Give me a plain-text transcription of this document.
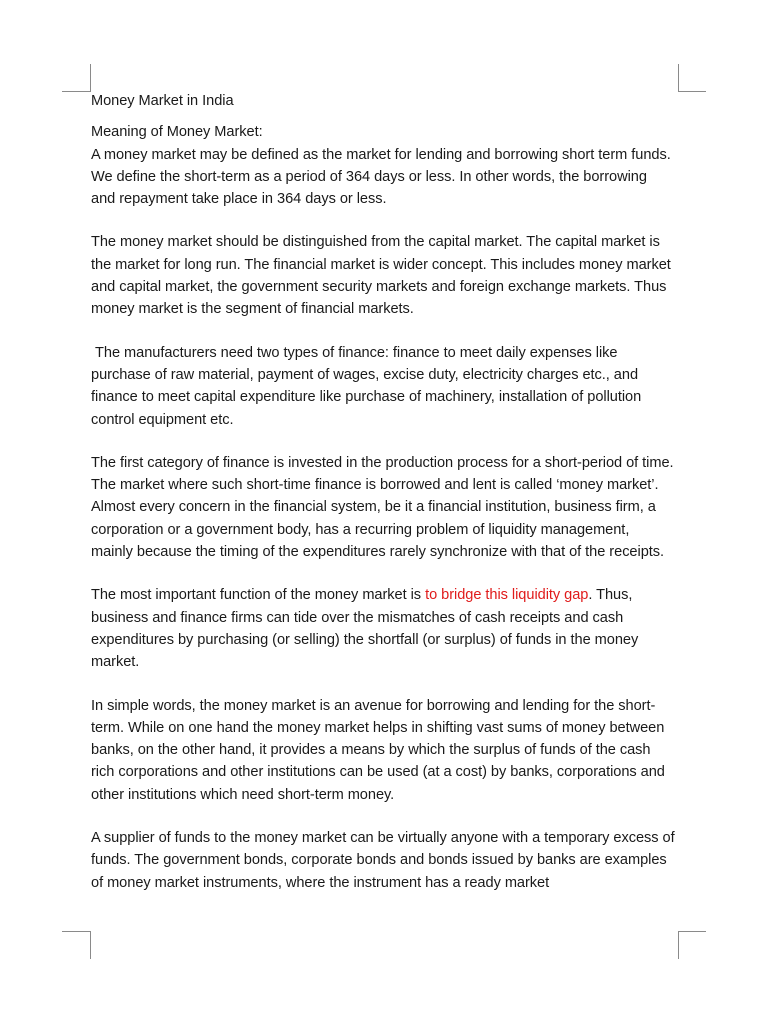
Money Market in India

Meaning of Money Market:

A money market may be defined as the market for lending and borrowing short term funds. We define the short-term as a period of 364 days or less. In other words, the borrowing and repayment take place in 364 days or less.

The money market should be distinguished from the capital market. The capital market is the market for long run. The financial market is wider concept. This includes money market and capital market, the government security markets and foreign exchange markets. Thus money market is the segment of financial markets.

The manufacturers need two types of finance: finance to meet daily expenses like purchase of raw material, payment of wages, excise duty, electricity charges etc., and finance to meet capital expenditure like purchase of machinery, installation of pollution control equipment etc.

The first category of finance is invested in the production process for a short-period of time. The market where such short-time finance is borrowed and lent is called ‘money market’. Almost every concern in the financial system, be it a financial institution, business firm, a corporation or a government body, has a recurring problem of liquidity management, mainly because the timing of the expenditures rarely synchronize with that of the receipts.

The most important function of the money market is to bridge this liquidity gap. Thus, business and finance firms can tide over the mismatches of cash receipts and cash expenditures by purchasing (or selling) the shortfall (or surplus) of funds in the money market.

In simple words, the money market is an avenue for borrowing and lending for the short-term. While on one hand the money market helps in shifting vast sums of money between banks, on the other hand, it provides a means by which the surplus of funds of the cash rich corporations and other institutions can be used (at a cost) by banks, corporations and other institutions which need short-term money.

A supplier of funds to the money market can be virtually anyone with a temporary excess of funds. The government bonds, corporate bonds and bonds issued by banks are examples of money market instruments, where the instrument has a ready market
